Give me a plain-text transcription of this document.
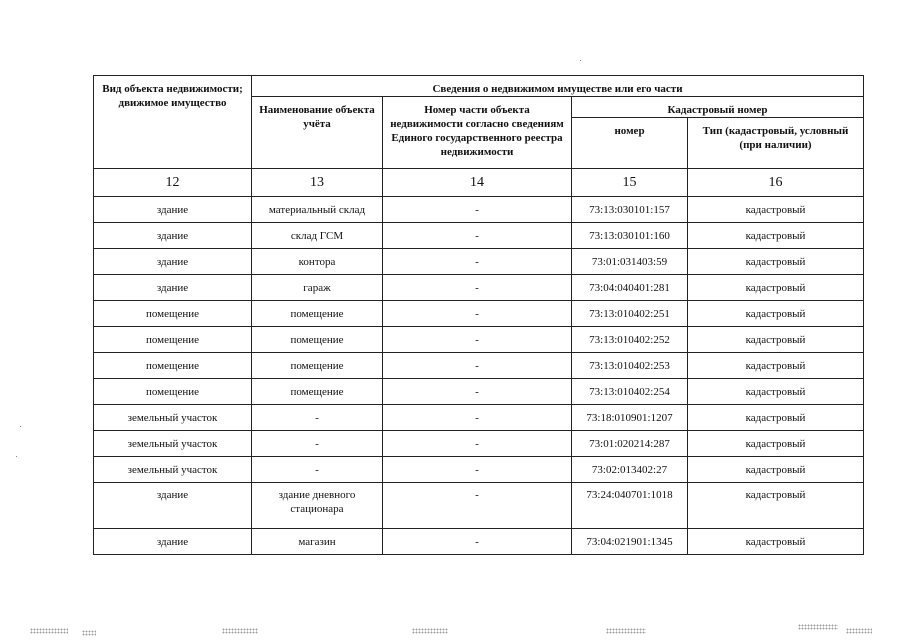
Вид объекта недвижимости; движимое имущество	Сведения о недвижимом имуществе или его части			
	Наименование объекта учёта	Номер части объекта недвижимости согласно сведениям Единого государственного реестра недвижимости	Кадастровый номер	
			номер	Тип (кадастровый, условный (при наличии)
12	13	14	15	16
здание	материальный склад	-	73:13:030101:157	кадастровый
здание	склад ГСМ	-	73:13:030101:160	кадастровый
здание	контора	-	73:01:031403:59	кадастровый
здание	гараж	-	73:04:040401:281	кадастровый
помещение	помещение	-	73:13:010402:251	кадастровый
помещение	помещение	-	73:13:010402:252	кадастровый
помещение	помещение	-	73:13:010402:253	кадастровый
помещение	помещение	-	73:13:010402:254	кадастровый
земельный участок	-	-	73:18:010901:1207	кадастровый
земельный участок	-	-	73:01:020214:287	кадастровый
земельный участок	-	-	73:02:013402:27	кадастровый
здание	здание дневного стационара	-	73:24:040701:1018	кадастровый
здание	магазин	-	73:04:021901:1345	кадастровый
